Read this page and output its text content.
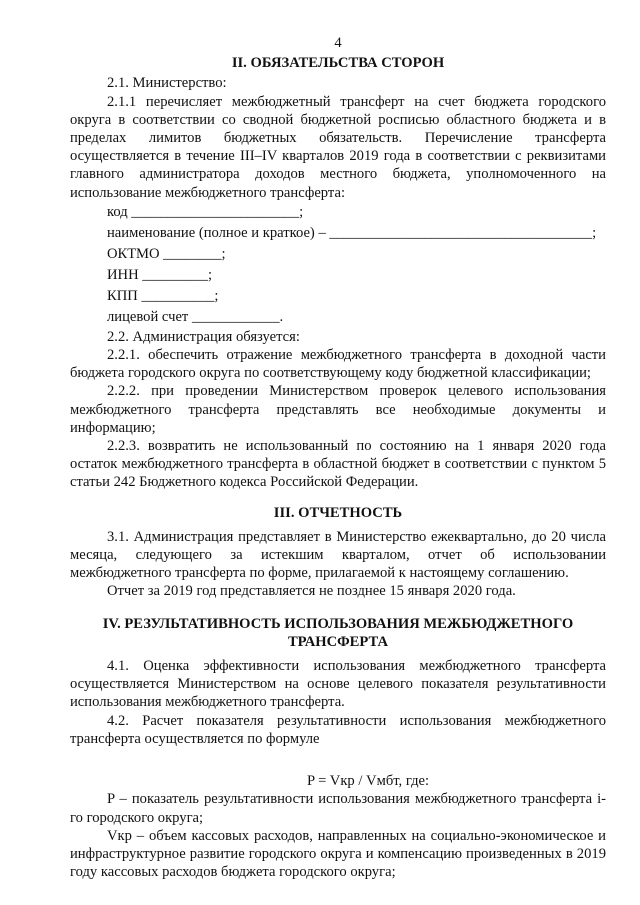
4
II. ОБЯЗАТЕЛЬСТВА СТОРОН

2.1. Министерство:

2.1.1 перечисляет межбюджетный трансферт на счет бюджета городского округа в соответствии со сводной бюджетной росписью областного бюджета и в пределах лимитов бюджетных обязательств. Перечисление трансферта осуществляется в течение III–IV кварталов 2019 года в соответствии с реквизитами главного администратора доходов местного бюджета, уполномоченного на использование межбюджетного трансферта:

код _______________________;

наименование (полное и краткое) – ____________________________________;

ОКТМО ________;

ИНН _________;

КПП __________;

лицевой счет ____________.

2.2. Администрация обязуется:

2.2.1. обеспечить отражение межбюджетного трансферта в доходной части бюджета городского округа по соответствующему коду бюджетной классификации;

2.2.2. при проведении Министерством проверок целевого использования межбюджетного трансферта представлять все необходимые документы и информацию;

2.2.3. возвратить не использованный по состоянию на 1 января 2020 года остаток межбюджетного трансферта в областной бюджет в соответствии с пунктом 5 статьи 242 Бюджетного кодекса Российской Федерации.

III. ОТЧЕТНОСТЬ

3.1. Администрация представляет в Министерство ежеквартально, до 20 числа месяца, следующего за истекшим кварталом, отчет об использовании межбюджетного трансферта по форме, прилагаемой к настоящему соглашению.

Отчет за 2019 год представляется не позднее 15 января 2020 года.

IV. РЕЗУЛЬТАТИВНОСТЬ ИСПОЛЬЗОВАНИЯ МЕЖБЮДЖЕТНОГО ТРАНСФЕРТА

4.1. Оценка эффективности использования межбюджетного трансферта осуществляется Министерством на основе целевого показателя результативности использования межбюджетного трансферта.

4.2. Расчет показателя результативности использования межбюджетного трансферта осуществляется по формуле

P = Vкр / Vмбт, где:

P – показатель результативности использования межбюджетного трансферта i-го городского округа;

Vкр – объем кассовых расходов, направленных на социально-экономическое и инфраструктурное развитие городского округа и компенсацию произведенных в 2019 году кассовых расходов бюджета городского округа;
